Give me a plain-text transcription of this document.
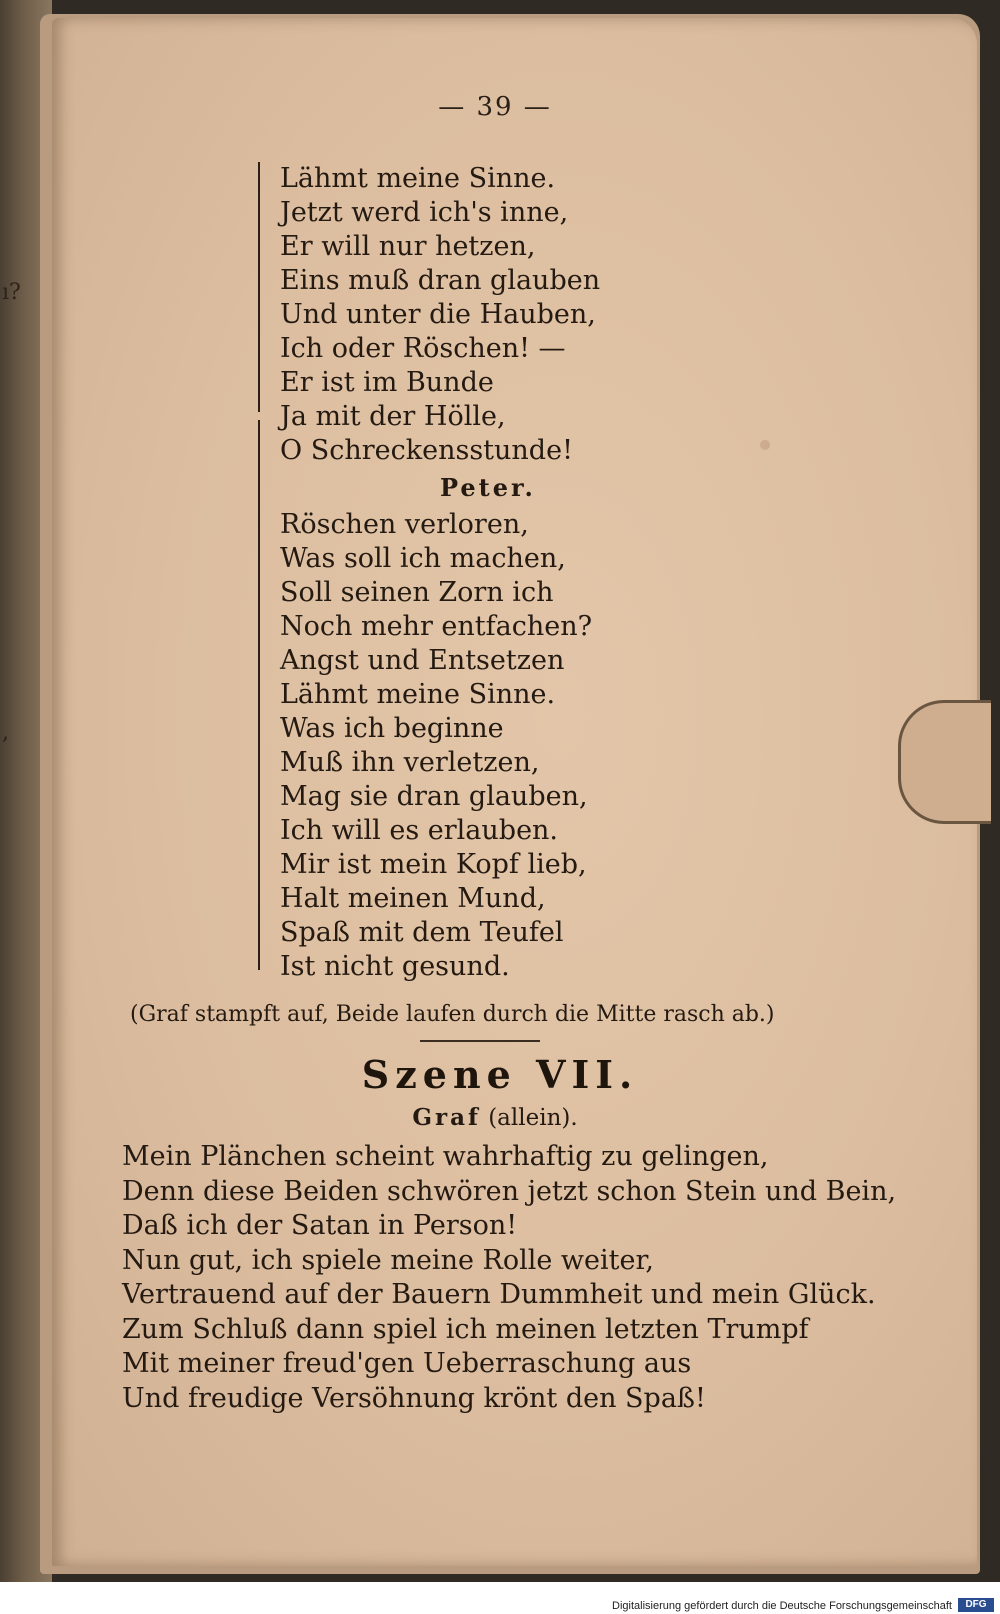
ı?
,
— 39 —
Lähmt meine Sinne.
Jetzt werd ich's inne,
Er will nur hetzen,
Eins muß dran glauben
Und unter die Hauben,
Ich oder Röschen! —
Er ist im Bunde
Ja mit der Hölle,
O Schreckensstunde!
Peter.
Röschen verloren,
Was soll ich machen,
Soll seinen Zorn ich
Noch mehr entfachen?
Angst und Entsetzen
Lähmt meine Sinne.
Was ich beginne
Muß ihn verletzen,
Mag sie dran glauben,
Ich will es erlauben.
Mir ist mein Kopf lieb,
Halt meinen Mund,
Spaß mit dem Teufel
Ist nicht gesund.
(Graf stampft auf, Beide laufen durch die Mitte rasch ab.)
Szene VII.
Graf (allein).
Mein Plänchen scheint wahrhaftig zu gelingen,
Denn diese Beiden schwören jetzt schon Stein und Bein,
Daß ich der Satan in Person!
Nun gut, ich spiele meine Rolle weiter,
Vertrauend auf der Bauern Dummheit und mein Glück.
Zum Schluß dann spiel ich meinen letzten Trumpf
Mit meiner freud'gen Ueberraschung aus
Und freudige Versöhnung krönt den Spaß!
Digitalisierung gefördert durch die Deutsche Forschungsgemeinschaft	DFG
